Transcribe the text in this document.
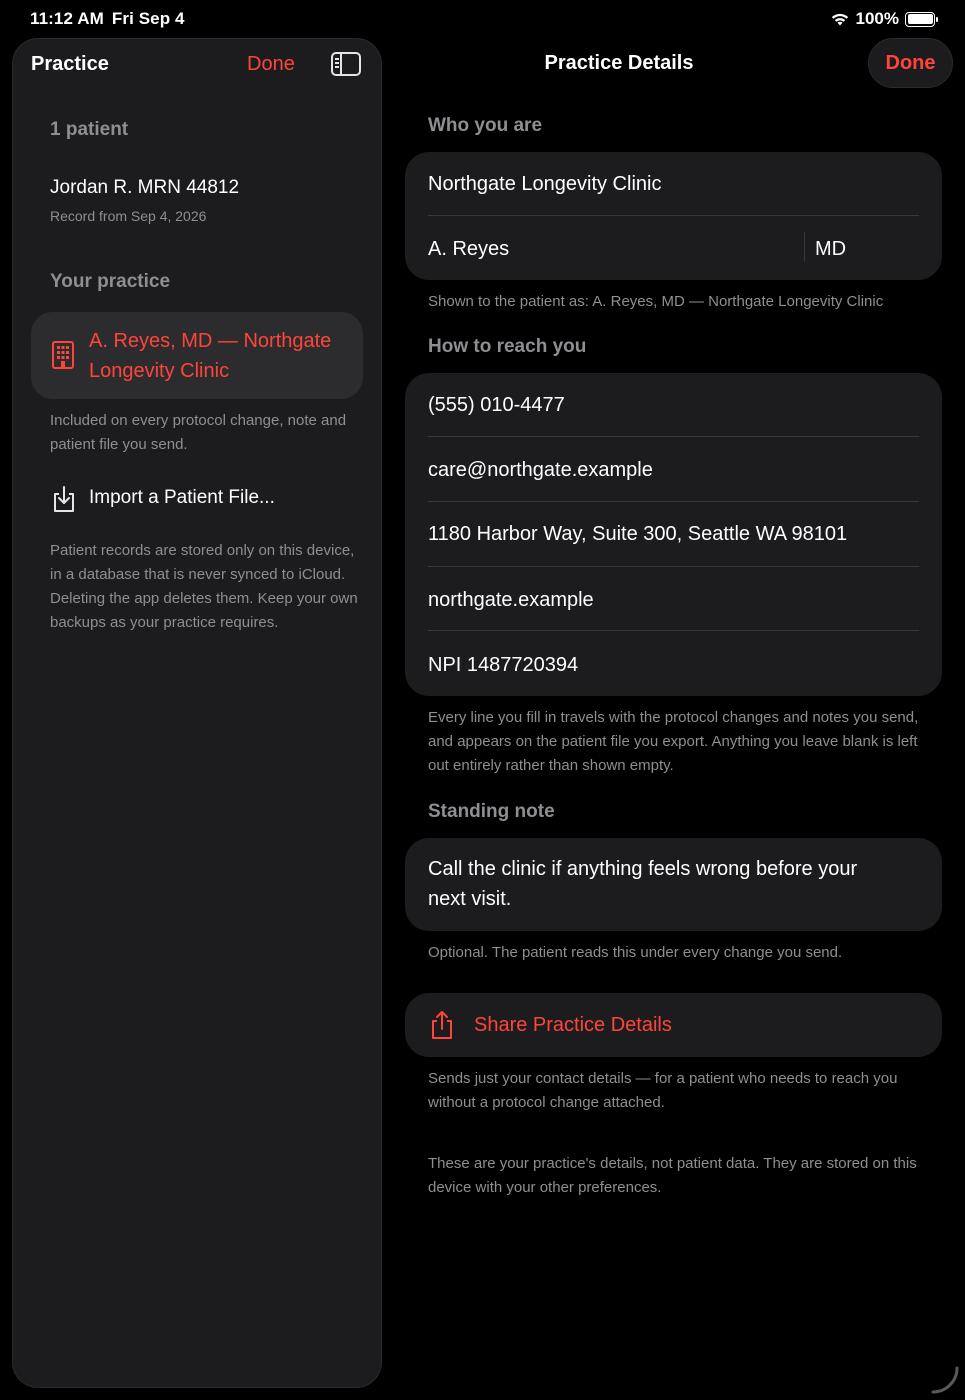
11:12 AM Fri Sep 4	100%
Practice	Done
1 patient
Jordan R. MRN 44812
Record from Sep 4, 2026
Your practice
A. Reyes, MD — Northgate Longevity Clinic
Included on every protocol change, note and patient file you send.
Import a Patient File...
Patient records are stored only on this device, in a database that is never synced to iCloud. Deleting the app deletes them. Keep your own backups as your practice requires.
Practice Details	Done
Who you are
Northgate Longevity Clinic
A. Reyes	MD
Shown to the patient as: A. Reyes, MD — Northgate Longevity Clinic
How to reach you
(555) 010-4477
care@northgate.example
1180 Harbor Way, Suite 300, Seattle WA 98101
northgate.example
NPI 1487720394
Every line you fill in travels with the protocol changes and notes you send, and appears on the patient file you export. Anything you leave blank is left out entirely rather than shown empty.
Standing note
Call the clinic if anything feels wrong before your next visit.
Optional. The patient reads this under every change you send.
Share Practice Details
Sends just your contact details — for a patient who needs to reach you without a protocol change attached.
These are your practice's details, not patient data. They are stored on this device with your other preferences.
